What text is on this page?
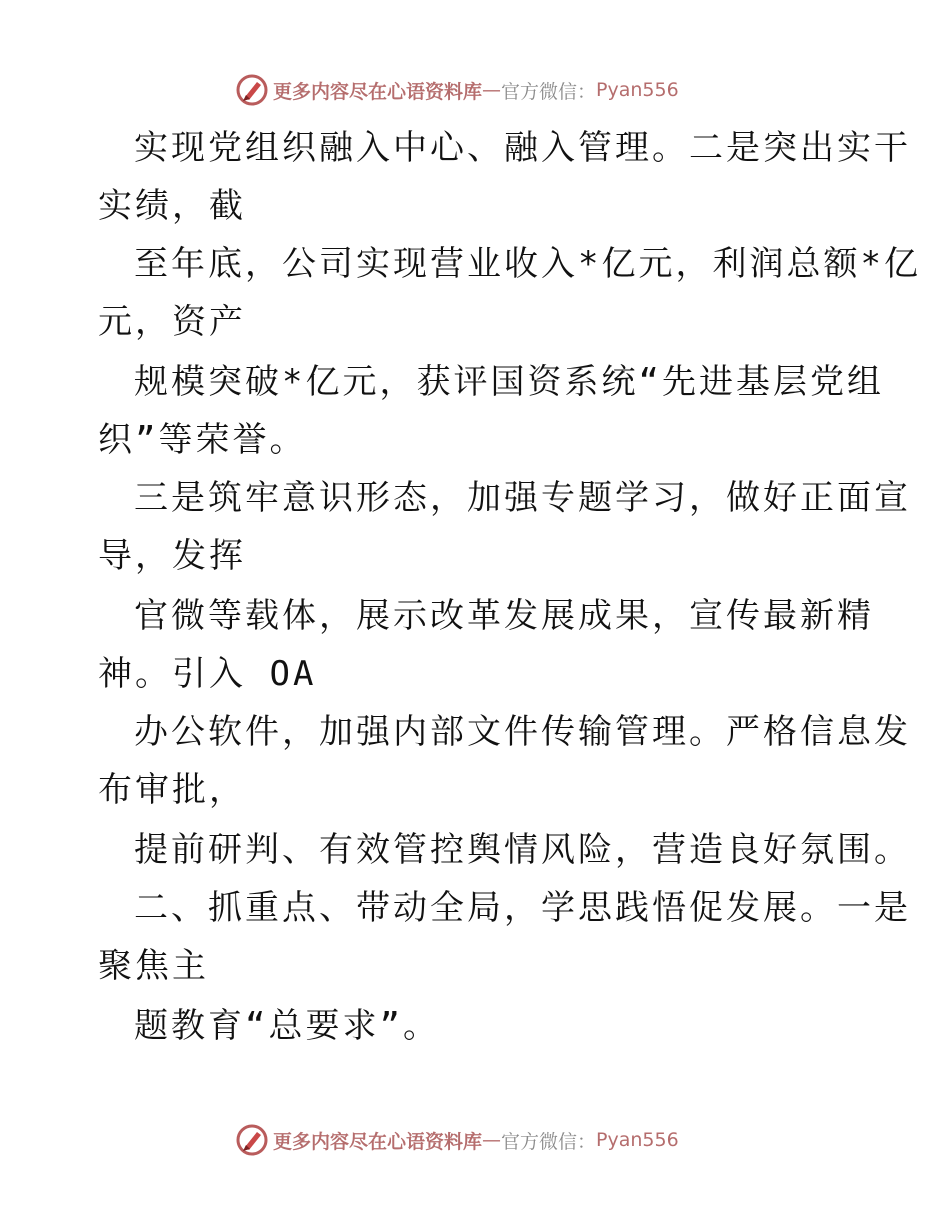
更多内容尽在心语资料库 — 官方微信： Pyan556
实现党组织融入中心、融入管理。二是突出实干
实绩，截
至年底，公司实现营业收入*亿元，利润总额*亿
元，资产
规模突破*亿元，获评国资系统“先进基层党组
织”等荣誉。
三是筑牢意识形态，加强专题学习，做好正面宣
导，发挥
官微等载体，展示改革发展成果，宣传最新精
神。引入 OA
办公软件，加强内部文件传输管理。严格信息发
布审批，
提前研判、有效管控舆情风险，营造良好氛围。
二、抓重点、带动全局，学思践悟促发展。一是
聚焦主
题教育“总要求”。
更多内容尽在心语资料库 — 官方微信： Pyan556
